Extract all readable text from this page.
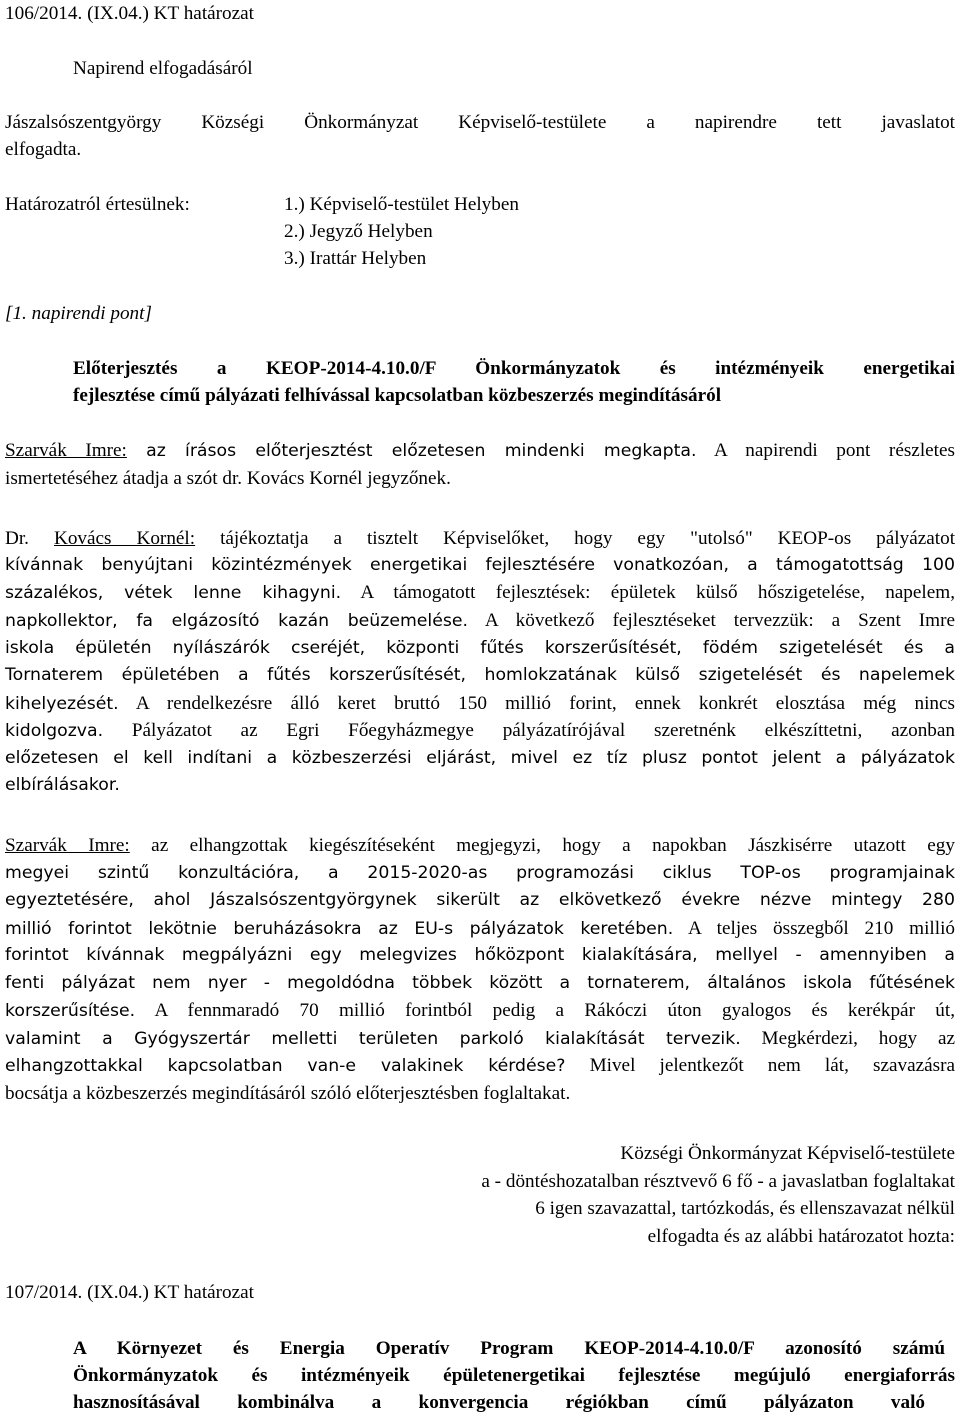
106/2014. (IX.04.) KT határozat
Napirend elfogadásáról
Jászalsószentgyörgy Községi Önkormányzat Képviselő-testülete a napirendre tett javaslatot
elfogadta.
Határozatról értesülnek:	1.) Képviselő-testület Helyben
2.) Jegyző Helyben
3.) Irattár Helyben
[1. napirendi pont]
Előterjesztés a KEOP-2014-4.10.0/F Önkormányzatok és intézményeik energetikai
fejlesztése című pályázati felhívással kapcsolatban közbeszerzés megindításáról
Szarvák Imre: az írásos előterjesztést előzetesen mindenki megkapta. A napirendi pont részletes
ismertetéséhez átadja a szót dr. Kovács Kornél jegyzőnek.
Dr. Kovács Kornél: tájékoztatja a tisztelt Képviselőket, hogy egy "utolsó" KEOP-os pályázatot
kívánnak benyújtani közintézmények energetikai fejlesztésére vonatkozóan, a támogatottság 100
százalékos, vétek lenne kihagyni. A támogatott fejlesztések: épületek külső hőszigetelése, napelem,
napkollektor, fa elgázosító kazán beüzemelése. A következő fejlesztéseket tervezzük: a Szent Imre
iskola épületén nyílászárók cseréjét, központi fűtés korszerűsítését, födém szigetelését és a
Tornaterem épületében a fűtés korszerűsítését, homlokzatának külső szigetelését és napelemek
kihelyezését. A rendelkezésre álló keret bruttó 150 millió forint, ennek konkrét elosztása még nincs
kidolgozva. Pályázatot az Egri Főegyházmegye pályázatírójával szeretnénk elkészíttetni, azonban
előzetesen el kell indítani a közbeszerzési eljárást, mivel ez tíz plusz pontot jelent a pályázatok
elbírálásakor.
Szarvák Imre: az elhangzottak kiegészítéseként megjegyzi, hogy a napokban Jászkisérre utazott egy
megyei szintű konzultációra, a 2015-2020-as programozási ciklus TOP-os programjainak
egyeztetésére, ahol Jászalsószentgyörgynek sikerült az elkövetkező évekre nézve mintegy 280
millió forintot lekötnie beruházásokra az EU-s pályázatok keretében. A teljes összegből 210 millió
forintot kívánnak megpályázni egy melegvizes hőközpont kialakítására, mellyel - amennyiben a
fenti pályázat nem nyer - megoldódna többek között a tornaterem, általános iskola fűtésének
korszerűsítése. A fennmaradó 70 millió forintból pedig a Rákóczi úton gyalogos és kerékpár út,
valamint a Gyógyszertár melletti területen parkoló kialakítását tervezik. Megkérdezi, hogy az
elhangzottakkal kapcsolatban van-e valakinek kérdése? Mivel jelentkezőt nem lát, szavazásra
bocsátja a közbeszerzés megindításáról szóló előterjesztésben foglaltakat.
Községi Önkormányzat Képviselő-testülete
a - döntéshozatalban résztvevő 6 fő - a javaslatban foglaltakat
6 igen szavazattal, tartózkodás, és ellenszavazat nélkül
elfogadta és az alábbi határozatot hozta:
107/2014. (IX.04.) KT határozat
A Környezet és Energia Operatív Program KEOP-2014-4.10.0/F azonosító számú
Önkormányzatok és intézményeik épületenergetikai fejlesztése megújuló energiaforrás
hasznosításával kombinálva a konvergencia régiókban című pályázaton való
